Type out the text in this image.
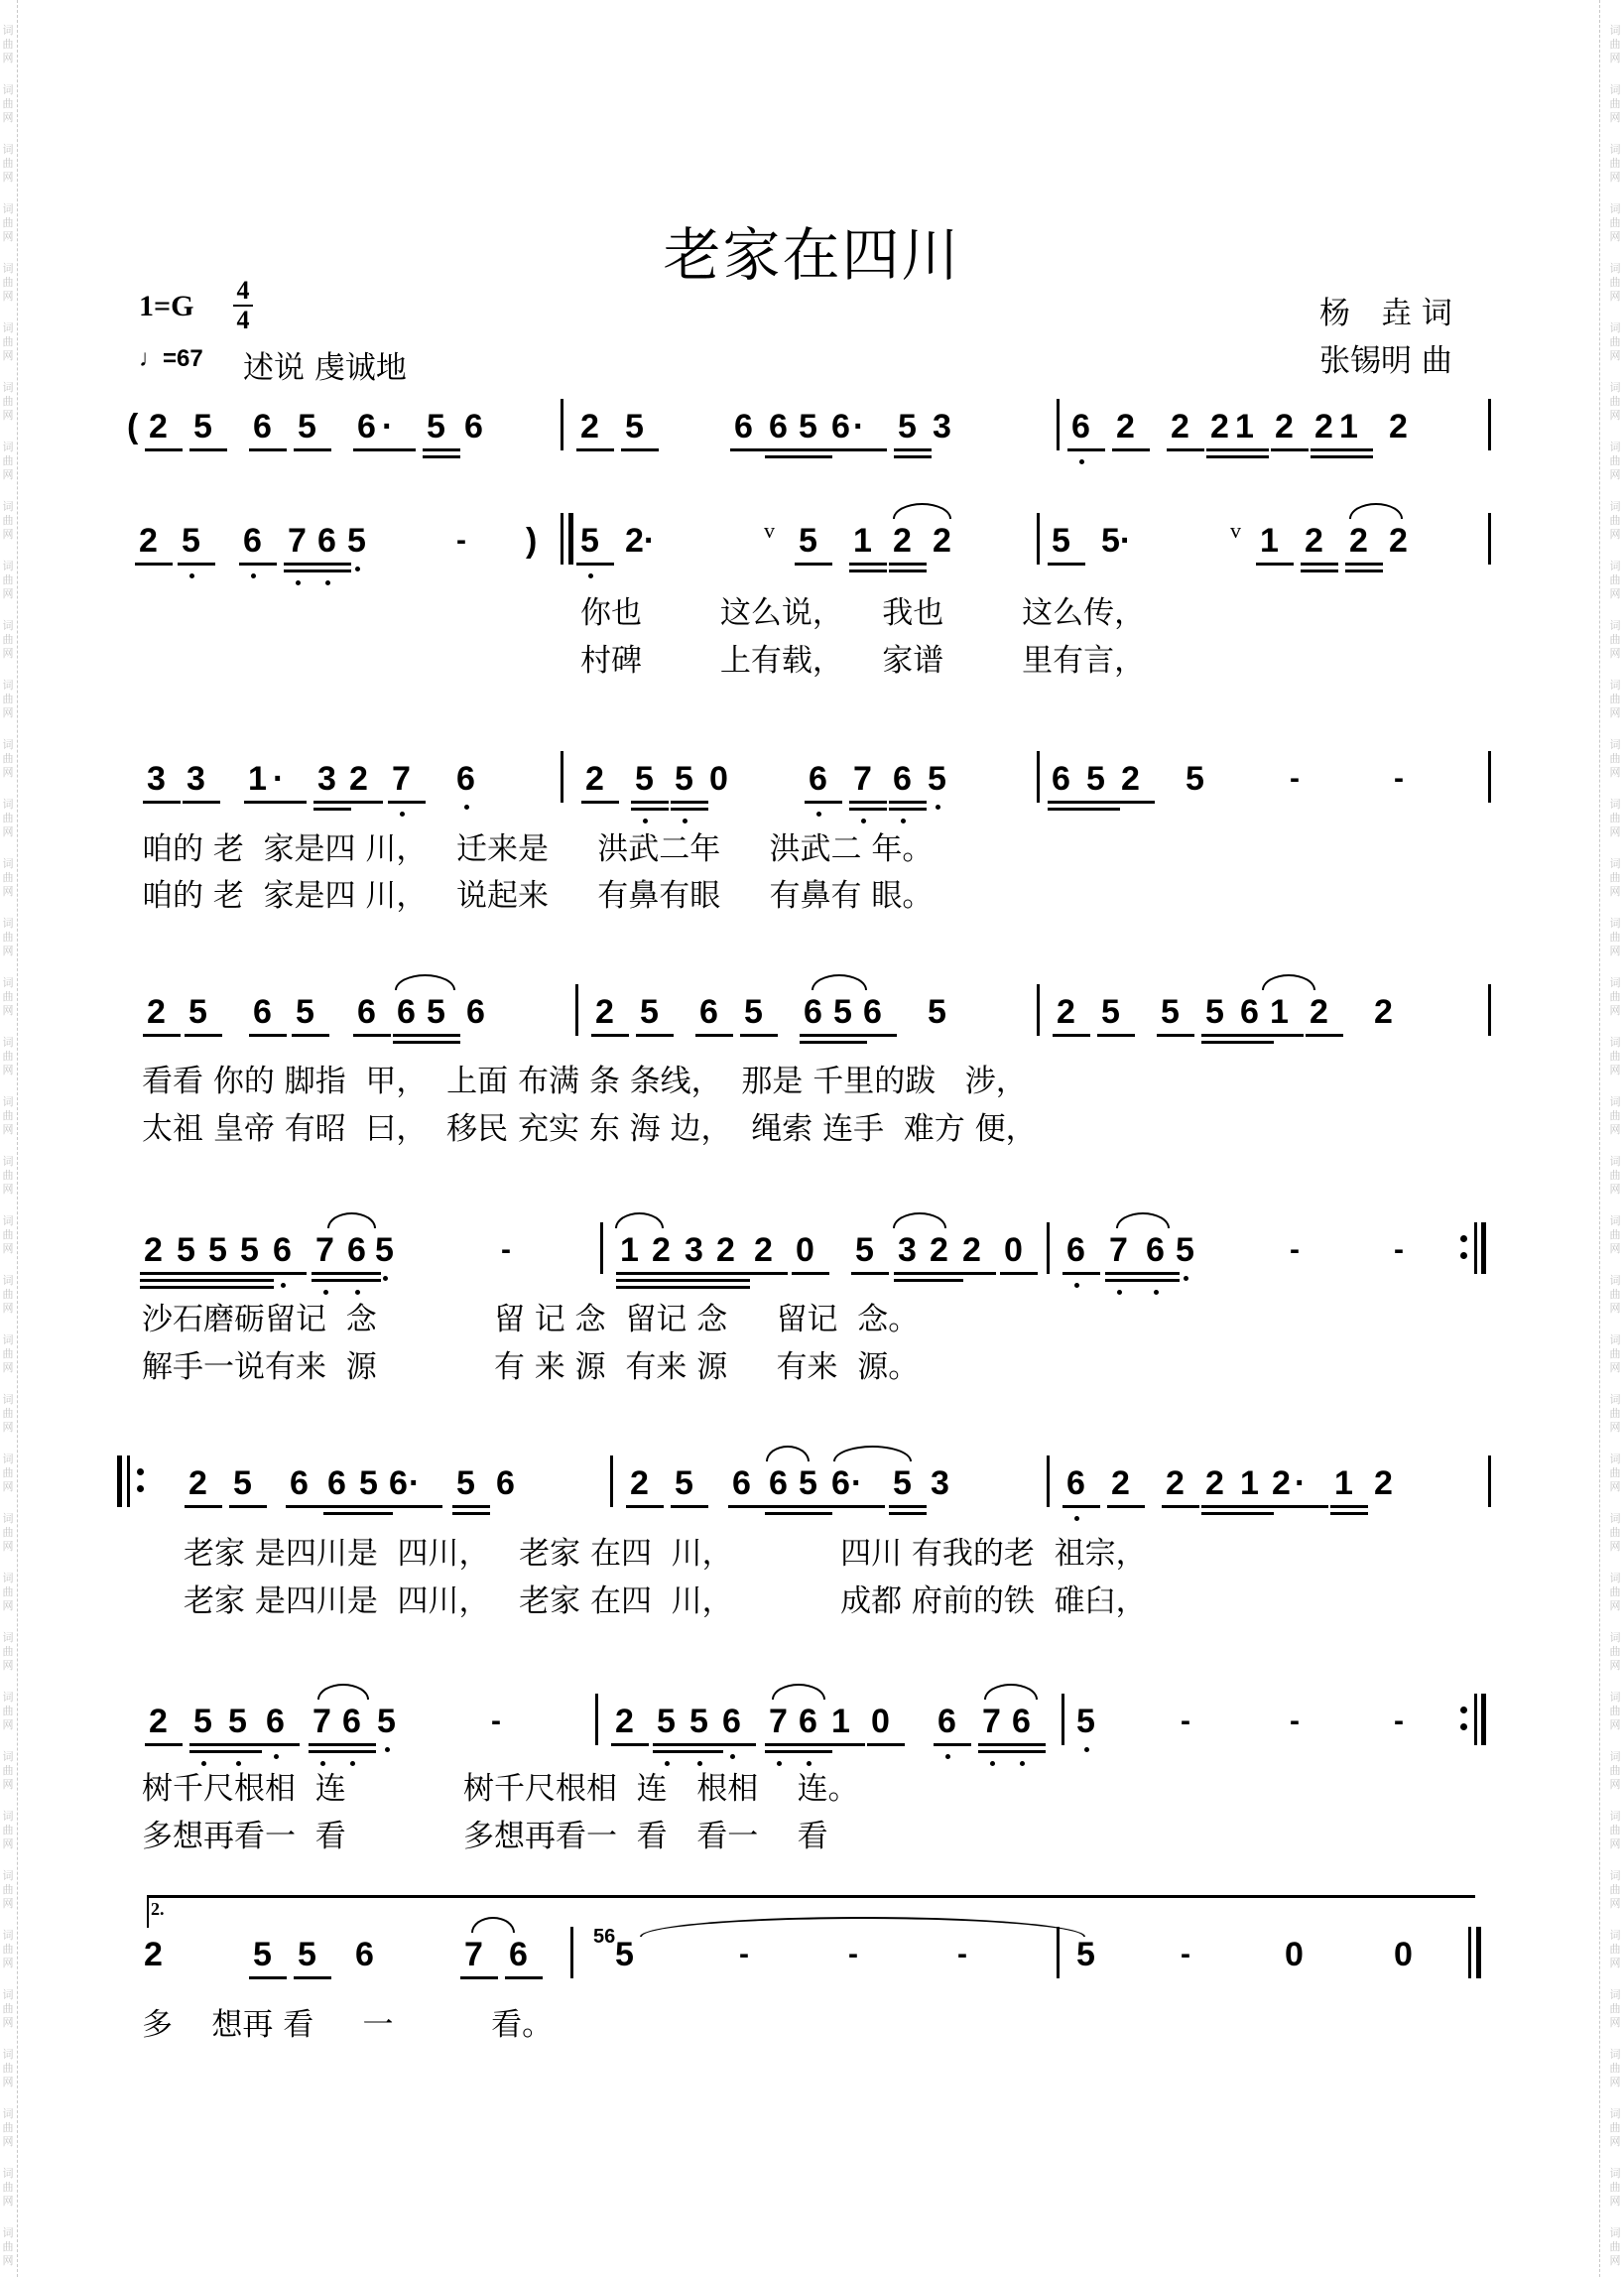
词
曲
网
词
曲
网
词
曲
网
词
曲
网
词
曲
网
词
曲
网
词
曲
网
词
曲
网
词
曲
网
词
曲
网
词
曲
网
词
曲
网
词
曲
网
词
曲
网
词
曲
网
词
曲
网
词
曲
网
词
曲
网
词
曲
网
词
曲
网
词
曲
网
词
曲
网
词
曲
网
词
曲
网
词
曲
网
词
曲
网
词
曲
网
词
曲
网
词
曲
网
词
曲
网
词
曲
网
词
曲
网
词
曲
网
词
曲
网
词
曲
网
词
曲
网
词
曲
网
词
曲
网
词
曲
网
词
曲
网
词
曲
网
词
曲
网
词
曲
网
词
曲
网
词
曲
网
词
曲
网
词
曲
网
词
曲
网
词
曲
网
词
曲
网
词
曲
网
词
曲
网
词
曲
网
词
曲
网
词
曲
网
词
曲
网
词
曲
网
词
曲
网
词
曲
网
词
曲
网
词
曲
网
词
曲
网
词
曲
网
词
曲
网
词
曲
网
词
曲
网
词
曲
网
词
曲
网
词
曲
网
词
曲
网
词
曲
网
词
曲
网
词
曲
网
词
曲
网
词
曲
网
词
曲
网
老家在四川
1=G 4
4
♩=67 述说 虔诚地
杨　垚 词
张锡明 曲
( 2 5 6 5 6 · 5 6	2 5	6 6 5 6 · 5 3	6 2 2 2 1 2 2 1 2
2 5 6 7 6 5	- ) 5 2·	v 5 1 2 2	5 5·	v 1 2 2 2
3 3 1 · 3 2 7 6	2 5 5 0 6 7 6 5	6 5 2 5	-	-
2 5 6 5 6 6 5 6	2 5 6 5 6 5 6 5	2 5 5 5 6 1 2 2
2 5 5 5 6 7 6 5	-	1 2 3 2 2 0 5 3 2 2 0 6 7 6 5	-	-
2 5 6 6 5 6 · 5 6	2 5 6 6 5 6 · 5 3	6 2 2 2 1 2 · 1 2
2 5 5 6 7 6 5	-	2 5 5 6 7 6 1 0 6 7 6 5	-	-	-
2	5 5 6	7 6	5	-	-	-	5	-	0	0
56
2.
你也        这么说，    我也        这么传，
村碑        上有载，    家谱        里有言，
咱的 老  家是四 川，   迁来是     洪武二年     洪武二 年。
咱的 老  家是四 川，   说起来     有鼻有眼     有鼻有 眼。
看看 你的 脚指  甲，  上面 布满 条 条线，  那是 千里的跋   涉，
太祖 皇帝 有昭  曰，  移民 充实 东 海 边，  绳索 连手  难方 便，
沙石磨砺留记  念            留 记 念  留记 念     留记  念。
解手一说有来  源            有 来 源  有来 源     有来  源。
老家 是四川是  四川，   老家 在四  川，           四川 有我的老  祖宗，
老家 是四川是  四川，   老家 在四  川，           成都 府前的铁  碓臼，
树千尺根相  连            树千尺根相  连   根相    连。
多想再看一  看            多想再看一  看   看一    看
多    想再 看     一          看。
